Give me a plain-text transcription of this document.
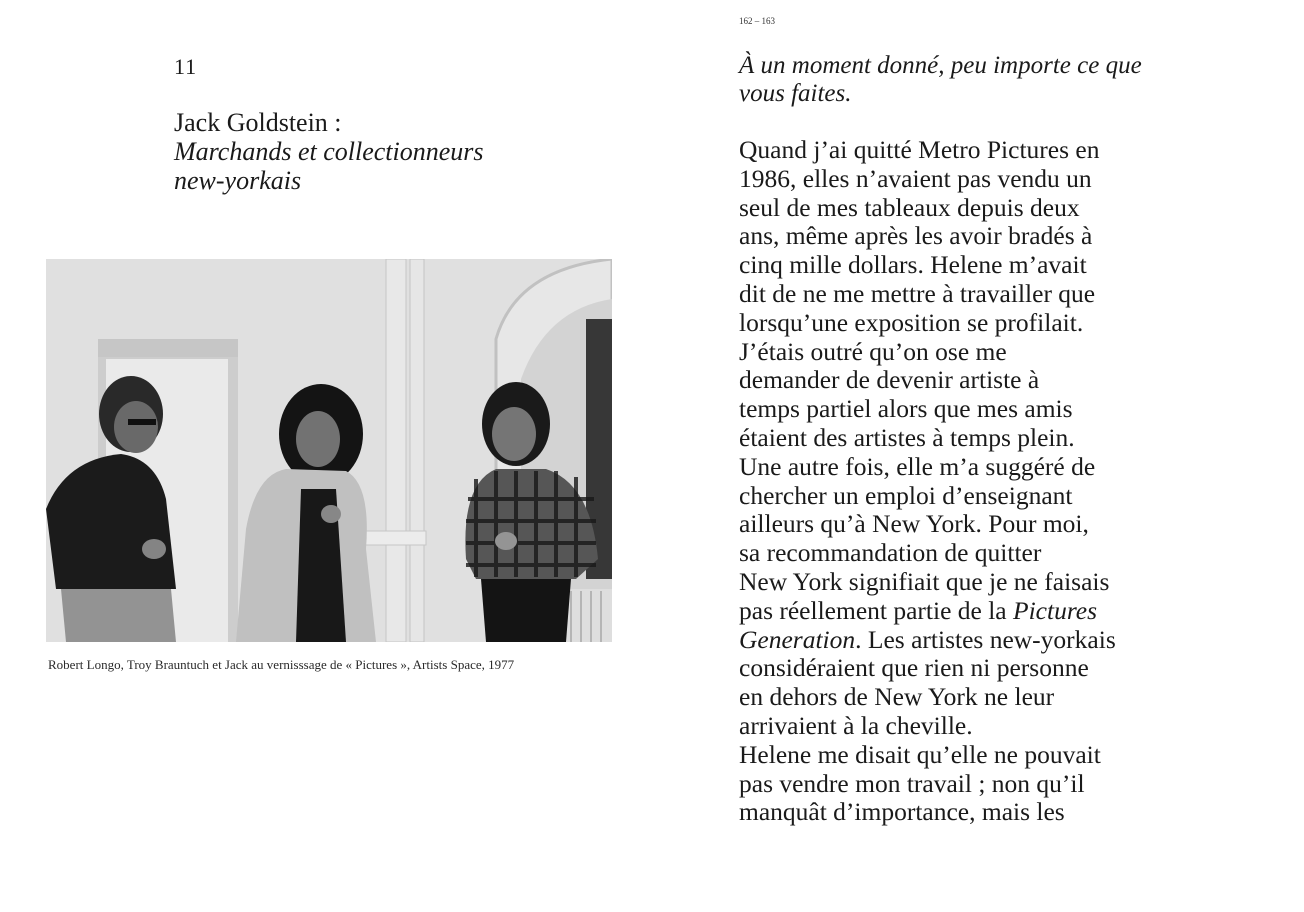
11
Jack Goldstein :
Marchands et collectionneurs
new-yorkais
Robert Longo, Troy Brauntuch et Jack au vernisssage de « Pictures », Artists Space, 1977
162 – 163
À un moment donné, peu importe ce que
vous faites.
Quand j’ai quitté Metro Pictures en
1986, elles n’avaient pas vendu un
seul de mes tableaux depuis deux
ans, même après les avoir bradés à
cinq mille dollars. Helene m’avait
dit de ne me mettre à travailler que
lorsqu’une exposition se profilait.
J’étais outré qu’on ose me
demander de devenir artiste à
temps partiel alors que mes amis
étaient des artistes à temps plein.
Une autre fois, elle m’a suggéré de
chercher un emploi d’enseignant
ailleurs qu’à New York. Pour moi,
sa recommandation de quitter
New York signifiait que je ne faisais
pas réellement partie de la Pictures
Generation. Les artistes new-yorkais
considéraient que rien ni personne
en dehors de New York ne leur
arrivaient à la cheville.
Helene me disait qu’elle ne pouvait
pas vendre mon travail ; non qu’il
manquât d’importance, mais les
